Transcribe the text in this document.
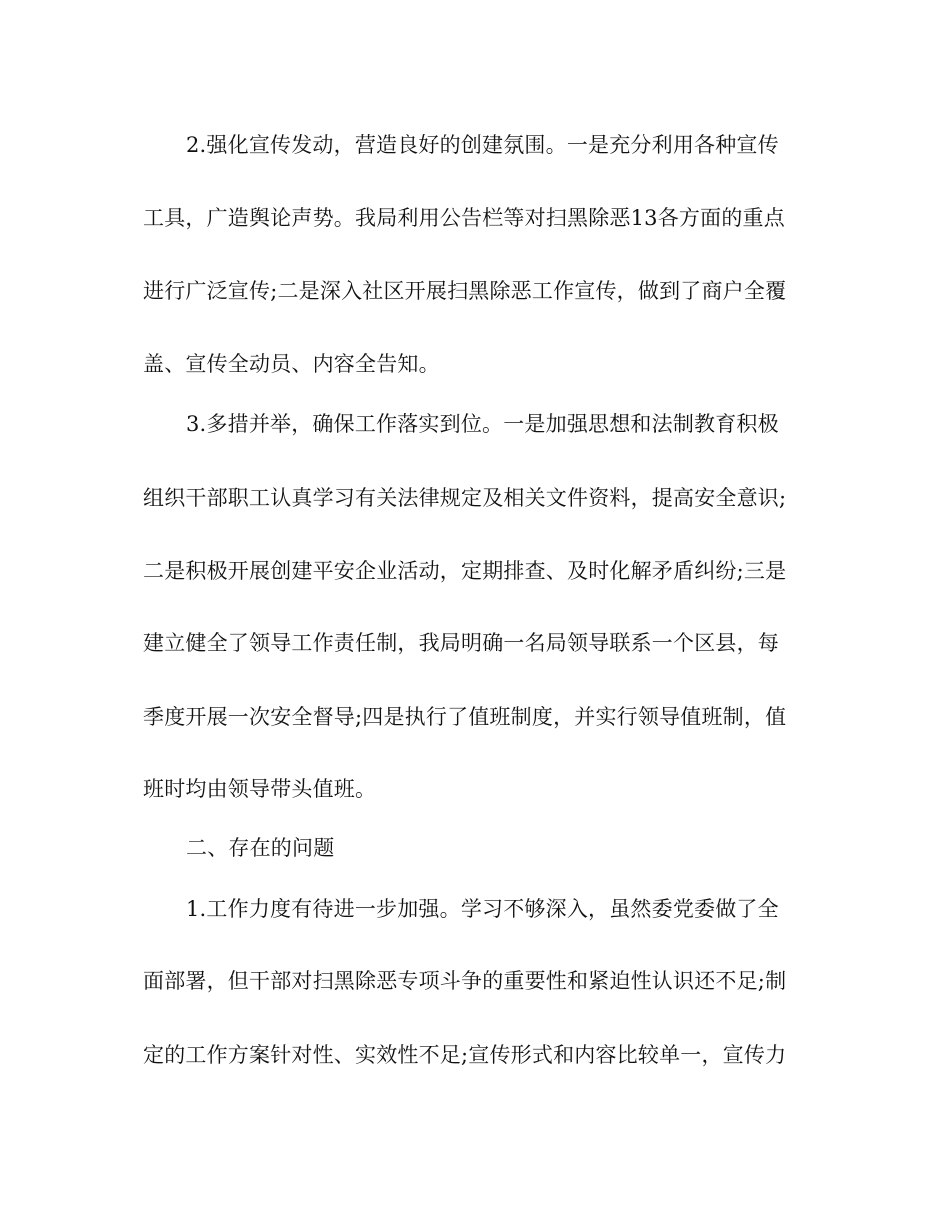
2.强化宣传发动，营造良好的创建氛围。一是充分利用各种宣传

工具，广造舆论声势。我局利用公告栏等对扫黑除恶13各方面的重点

进行广泛宣传;二是深入社区开展扫黑除恶工作宣传，做到了商户全覆

盖、宣传全动员、内容全告知。

3.多措并举，确保工作落实到位。一是加强思想和法制教育积极

组织干部职工认真学习有关法律规定及相关文件资料，提高安全意识;

二是积极开展创建平安企业活动，定期排查、及时化解矛盾纠纷;三是

建立健全了领导工作责任制，我局明确一名局领导联系一个区县，每

季度开展一次安全督导;四是执行了值班制度，并实行领导值班制，值

班时均由领导带头值班。

二、存在的问题

1.工作力度有待进一步加强。学习不够深入，虽然委党委做了全

面部署，但干部对扫黑除恶专项斗争的重要性和紧迫性认识还不足;制

定的工作方案针对性、实效性不足;宣传形式和内容比较单一，宣传力
